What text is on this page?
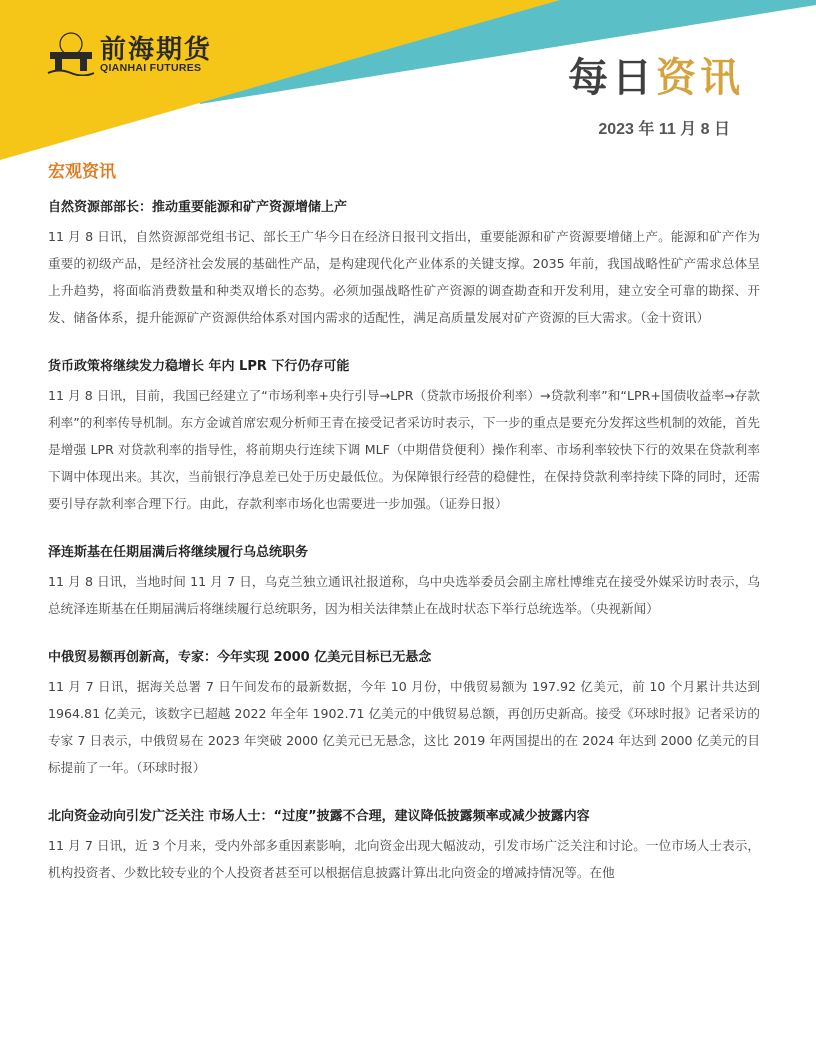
前海期货
QIANHAI FUTURES	每日资讯
2023 年 11 月 8 日
宏观资讯
自然资源部部长：推动重要能源和矿产资源增储上产

11 月 8 日讯，自然资源部党组书记、部长王广华今日在经济日报刊文指出，重要能源和矿产资源要增储上产。能源和矿产作为重要的初级产品，是经济社会发展的基础性产品，是构建现代化产业体系的关键支撑。2035 年前，我国战略性矿产需求总体呈上升趋势，将面临消费数量和种类双增长的态势。必须加强战略性矿产资源的调查勘查和开发利用，建立安全可靠的勘探、开发、储备体系，提升能源矿产资源供给体系对国内需求的适配性，满足高质量发展对矿产资源的巨大需求。（金十资讯）

货币政策将继续发力稳增长 年内 LPR 下行仍存可能

11 月 8 日讯，目前，我国已经建立了“市场利率+央行引导→LPR（贷款市场报价利率）→贷款利率”和“LPR+国债收益率→存款利率”的利率传导机制。东方金诚首席宏观分析师王青在接受记者采访时表示，下一步的重点是要充分发挥这些机制的效能，首先是增强 LPR 对贷款利率的指导性，将前期央行连续下调 MLF（中期借贷便利）操作利率、市场利率较快下行的效果在贷款利率下调中体现出来。其次，当前银行净息差已处于历史最低位。为保障银行经营的稳健性，在保持贷款利率持续下降的同时，还需要引导存款利率合理下行。由此，存款利率市场化也需要进一步加强。（证券日报）

泽连斯基在任期届满后将继续履行乌总统职务

11 月 8 日讯，当地时间 11 月 7 日，乌克兰独立通讯社报道称，乌中央选举委员会副主席杜博维克在接受外媒采访时表示，乌总统泽连斯基在任期届满后将继续履行总统职务，因为相关法律禁止在战时状态下举行总统选举。（央视新闻）

中俄贸易额再创新高，专家：今年实现 2000 亿美元目标已无悬念

11 月 7 日讯，据海关总署 7 日午间发布的最新数据，今年 10 月份，中俄贸易额为 197.92 亿美元，前 10 个月累计共达到 1964.81 亿美元，该数字已超越 2022 年全年 1902.71 亿美元的中俄贸易总额，再创历史新高。接受《环球时报》记者采访的专家 7 日表示，中俄贸易在 2023 年突破 2000 亿美元已无悬念，这比 2019 年两国提出的在 2024 年达到 2000 亿美元的目标提前了一年。（环球时报）

北向资金动向引发广泛关注 市场人士：“过度”披露不合理，建议降低披露频率或减少披露内容

11 月 7 日讯，近 3 个月来，受内外部多重因素影响，北向资金出现大幅波动，引发市场广泛关注和讨论。一位市场人士表示，机构投资者、少数比较专业的个人投资者甚至可以根据信息披露计算出北向资金的增减持情况等。在他
